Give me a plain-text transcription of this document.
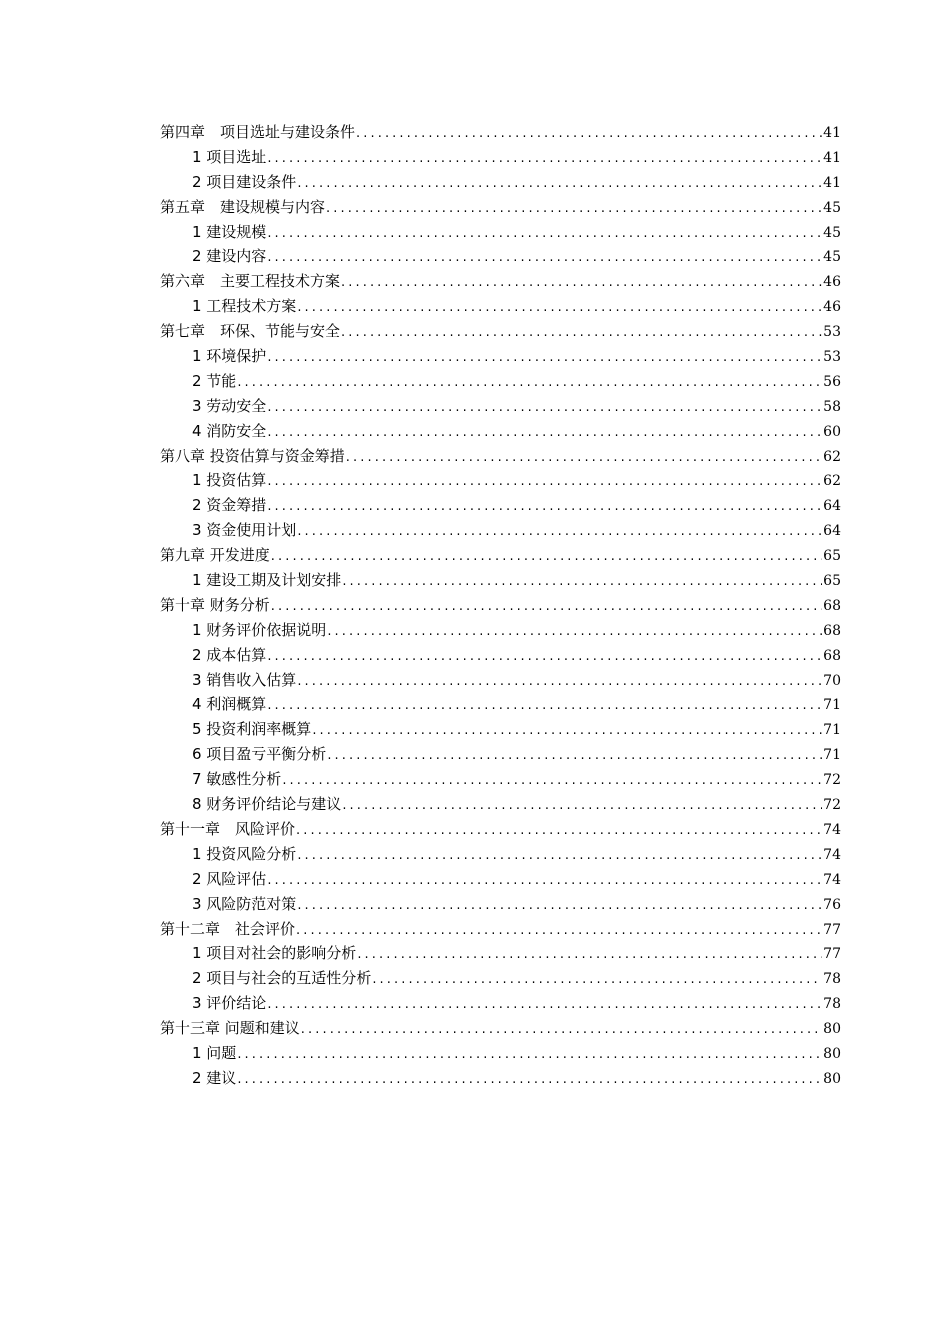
第四章　项目选址与建设条件 .....	41
1 项目选址 .....	41
2 项目建设条件 .....	41
第五章　建设规模与内容 .....	45
1 建设规模 .....	45
2 建设内容 .....	45
第六章　主要工程技术方案 .....	46
1 工程技术方案 .....	46
第七章　环保、节能与安全 .....	53
1 环境保护 .....	53
2 节能 .....	56
3 劳动安全 .....	58
4 消防安全 .....	60
第八章 投资估算与资金筹措 .....	62
1 投资估算 .....	62
2 资金筹措 .....	64
3 资金使用计划 .....	64
第九章 开发进度 .....	65
1 建设工期及计划安排 .....	65
第十章 财务分析 .....	68
1 财务评价依据说明 .....	68
2 成本估算 .....	68
3 销售收入估算 .....	70
4 利润概算 .....	71
5 投资利润率概算 .....	71
6 项目盈亏平衡分析 .....	71
7 敏感性分析 .....	72
8 财务评价结论与建议 .....	72
第十一章　风险评价 .....	74
1 投资风险分析 .....	74
2 风险评估 .....	74
3 风险防范对策 .....	76
第十二章　社会评价 .....	77
1 项目对社会的影响分析 .....	77
2 项目与社会的互适性分析 .....	78
3 评价结论 .....	78
第十三章 问题和建议 .....	80
1 问题 .....	80
2 建议 .....	80
